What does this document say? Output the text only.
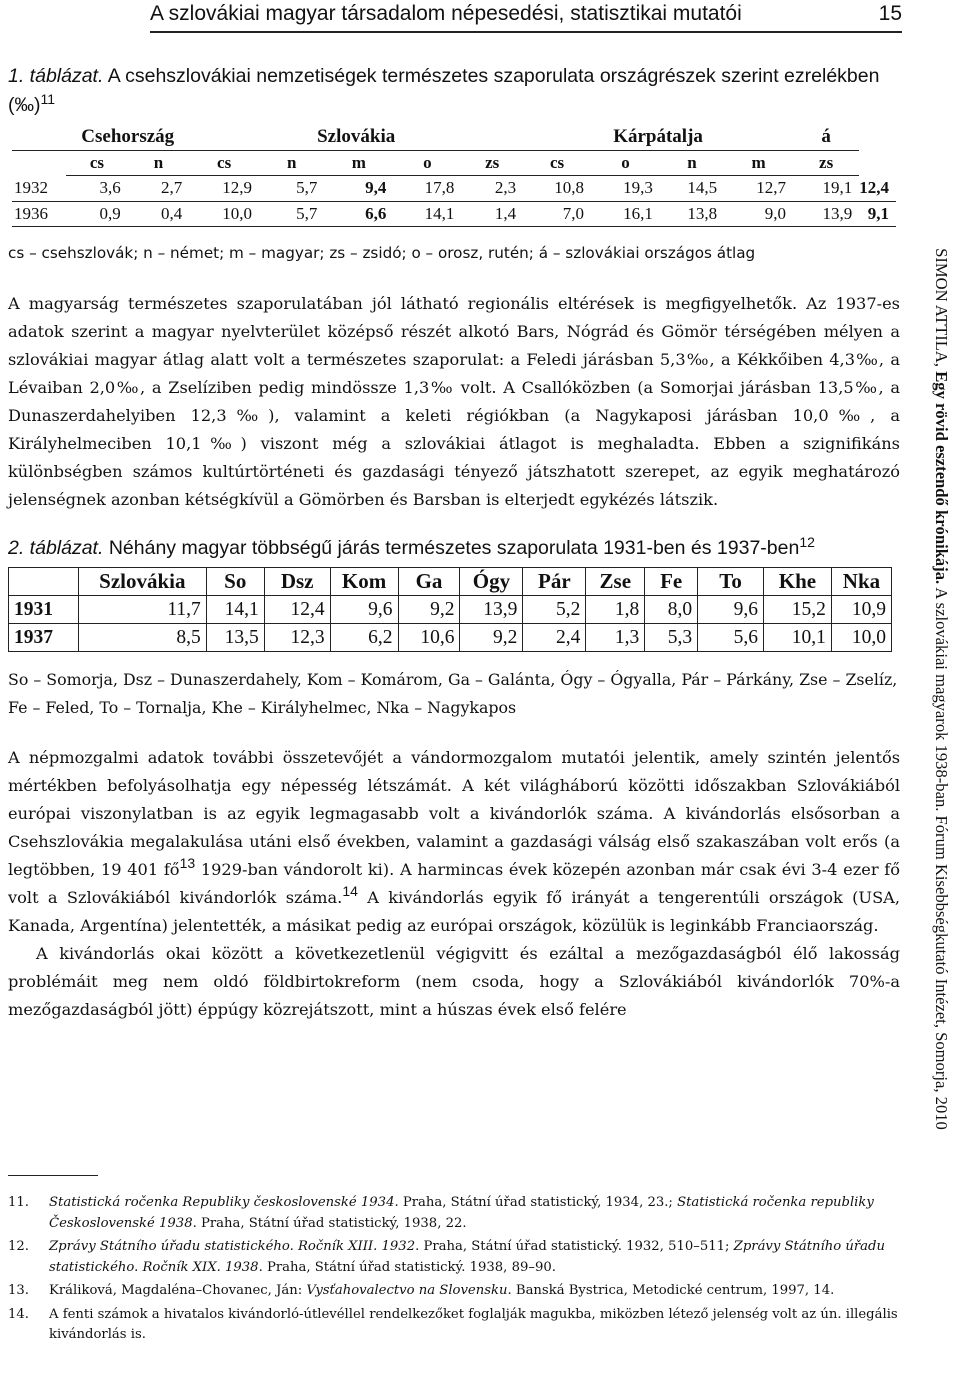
A szlovákiai magyar társadalom népesedési, statisztikai mutatói	15
SIMON ATTILA, Egy rövid esztendő krónikája. A szlovákiai magyarok 1938-ban. Fórum Kisebbségkutató Intézet, Somorja, 2010
1. táblázat. A csehszlovákiai nemzetiségek természetes szaporulata országrészek szerint ezrelékben (‰)$^{11}$
	Csehország		Szlovákia					Kárpátalja				á	
	cs	n	cs	n	m	o	zs	cs	o	n	m	zs	
1932	3,6	2,7	12,9	5,7	9,4	17,8	2,3	10,8	19,3	14,5	12,7	19,1	12,4
1936	0,9	0,4	10,0	5,7	6,6	14,1	1,4	7,0	16,1	13,8	9,0	13,9	9,1
cs – csehszlovák; n – német; m – magyar; zs – zsidó; o – orosz, rutén; á – szlovákiai országos átlag

A magyarság természetes szaporulatában jól látható regionális eltérések is megfigyelhetők. Az 1937-es adatok szerint a magyar nyelvterület középső részét alkotó Bars, Nógrád és Gömör térségében mélyen a szlovákiai magyar átlag alatt volt a természetes szaporulat: a Feledi járásban 5,3‰, a Kékkőiben 4,3‰, a Lévaiban 2,0‰, a Zselíziben pedig mindössze 1,3‰ volt. A Csallóközben (a Somorjai járásban 13,5‰, a Dunaszerdahelyiben 12,3‰), valamint a keleti régiókban (a Nagykaposi járásban 10,0‰, a Királyhelmeciben 10,1‰) viszont még a szlovákiai átlagot is meghaladta. Ebben a szignifikáns különbségben számos kultúrtörténeti és gazdasági tényező játszhatott szerepet, az egyik meghatározó jelenségnek azonban kétségkívül a Gömörben és Barsban is elterjedt egykézés látszik.

2. táblázat. Néhány magyar többségű járás természetes szaporulata 1931-ben és 1937-ben$^{12}$
	Szlovákia	So	Dsz	Kom	Ga	Ógy	Pár	Zse	Fe	To	Khe	Nka
1931	11,7	14,1	12,4	9,6	9,2	13,9	5,2	1,8	8,0	9,6	15,2	10,9
1937	8,5	13,5	12,3	6,2	10,6	9,2	2,4	1,3	5,3	5,6	10,1	10,0
So – Somorja, Dsz – Dunaszerdahely, Kom – Komárom, Ga – Galánta, Ógy – Ógyalla, Pár – Párkány, Zse – Zselíz, Fe – Feled, To – Tornalja, Khe – Királyhelmec, Nka – Nagykapos

A népmozgalmi adatok további összetevőjét a vándormozgalom mutatói jelentik, amely szintén jelentős mértékben befolyásolhatja egy népesség létszámát. A két világháború közötti időszakban Szlovákiából európai viszonylatban is az egyik legmagasabb volt a kivándorlók száma. A kivándorlás elsősorban a Csehszlovákia megalakulása utáni első években, valamint a gazdasági válság első szakaszában volt erős (a legtöbben, 19 401 $fő^{13}$ 1929-ban vándorolt ki). A harmincas évek közepén azonban már csak évi 3-4 ezer fő volt a Szlovákiából kivándorlók száma.$^{14}$ A kivándorlás egyik fő irányát a tengerentúli országok (USA, Kanada, Argentína) jelentették, a másikat pedig az európai országok, közülük is leginkább Franciaország.

A kivándorlás okai között a következetlenül végigvitt és ezáltal a mezőgazdaságból élő lakosság problémáit meg nem oldó földbirtokreform (nem csoda, hogy a Szlovákiából kivándorlók 70%-a mezőgazdaságból jött) éppúgy közrejátszott, mint a húszas évek első felére

11.	Statistická ročenka Republiky československé 1934. Praha, Státní úřad statistický, 1934, 23.; Statistická ročenka republiky Československé 1938. Praha, Státní úřad statistický, 1938, 22.
12.	Zprávy Státního úřadu statistického. Ročník XIII. 1932. Praha, Státní úřad statistický. 1932, 510–511; Zprávy Státního úřadu statistického. Ročník XIX. 1938. Praha, Státní úřad statistický. 1938, 89–90.
13.	Králiková, Magdaléna–Chovanec, Ján: Vysťahovalectvo na Slovensku. Banská Bystrica, Metodické centrum, 1997, 14.
14.	A fenti számok a hivatalos kivándorló-útlevéllel rendelkezőket foglalják magukba, miközben létező jelenség volt az ún. illegális kivándorlás is.
